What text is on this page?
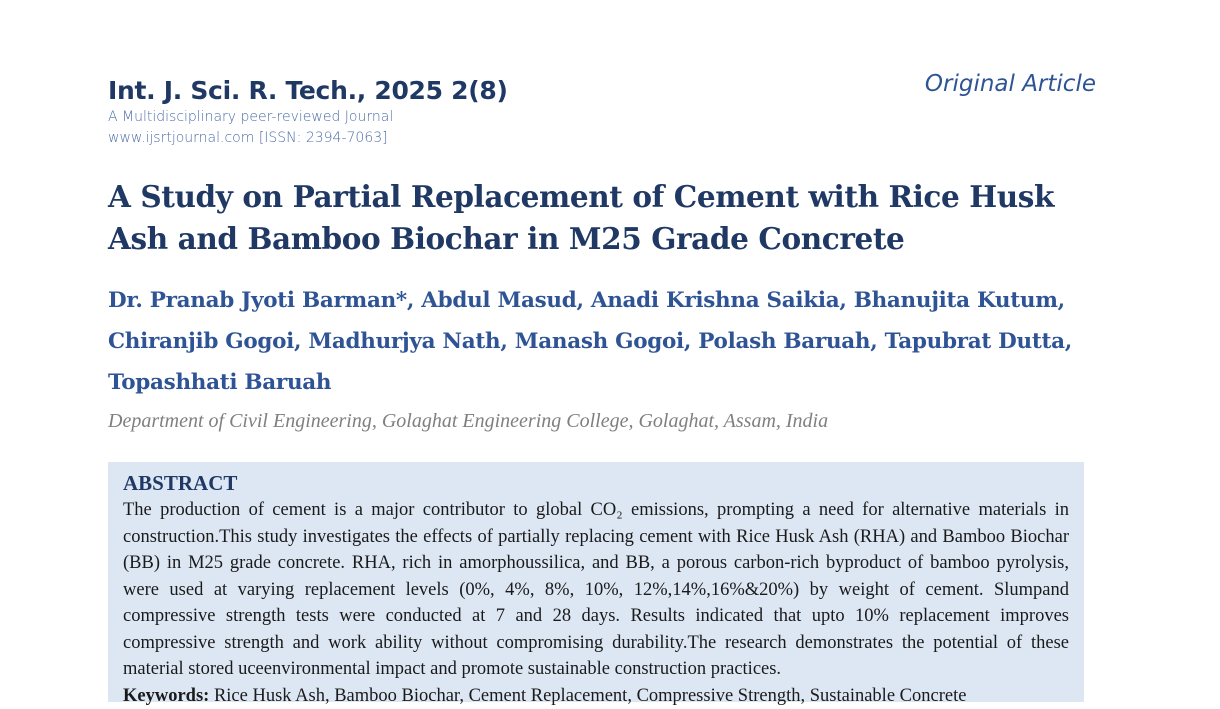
Int. J. Sci. R. Tech., 2025 2(8)
A Multidisciplinary peer-reviewed Journal
www.ijsrtjournal.com [ISSN: 2394-7063]
Original Article
A Study on Partial Replacement of Cement with Rice Husk Ash and Bamboo Biochar in M25 Grade Concrete
Dr. Pranab Jyoti Barman*, Abdul Masud, Anadi Krishna Saikia, Bhanujita Kutum, Chiranjib Gogoi, Madhurjya Nath, Manash Gogoi, Polash Baruah, Tapubrat Dutta, Topashhati Baruah
Department of Civil Engineering, Golaghat Engineering College, Golaghat, Assam, India
ABSTRACT

The production of cement is a major contributor to global CO₂ emissions, prompting a need for alternative materials in construction.This study investigates the effects of partially replacing cement with Rice Husk Ash (RHA) and Bamboo Biochar (BB) in M25 grade concrete. RHA, rich in amorphoussilica, and BB, a porous carbon-rich byproduct of bamboo pyrolysis, were used at varying replacement levels (0%, 4%, 8%, 10%, 12%,14%,16%&20%) by weight of cement. Slumpand compressive strength tests were conducted at 7 and 28 days. Results indicated that upto 10% replacement improves compressive strength and work ability without compromising durability.The research demonstrates the potential of these material stored uceenvironmental impact and promote sustainable construction practices.

Keywords: Rice Husk Ash, Bamboo Biochar, Cement Replacement, Compressive Strength, Sustainable Concrete
